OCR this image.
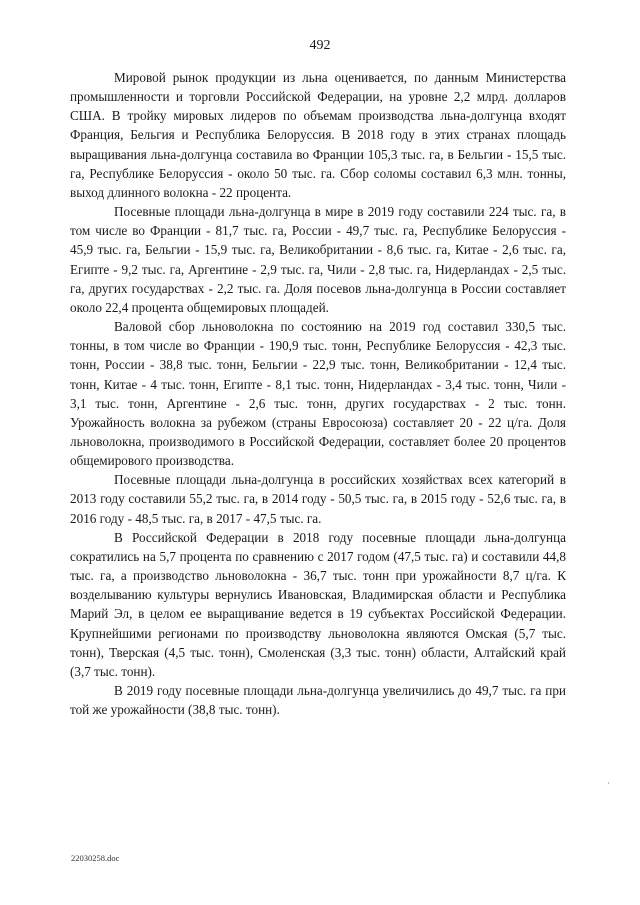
492

Мировой рынок продукции из льна оценивается, по данным Министерства промышленности и торговли Российской Федерации, на уровне 2,2 млрд. долларов США. В тройку мировых лидеров по объемам производства льна-долгунца входят Франция, Бельгия и Республика Белоруссия. В 2018 году в этих странах площадь выращивания льна-долгунца составила во Франции 105,3 тыс. га, в Бельгии - 15,5 тыс. га, Республике Белоруссия - около 50 тыс. га. Сбор соломы составил 6,3 млн. тонны, выход длинного волокна - 22 процента.

Посевные площади льна-долгунца в мире в 2019 году составили 224 тыс. га, в том числе во Франции - 81,7 тыс. га, России - 49,7 тыс. га, Республике Белоруссия - 45,9 тыс. га, Бельгии - 15,9 тыс. га, Великобритании - 8,6 тыс. га, Китае - 2,6 тыс. га, Египте - 9,2 тыс. га, Аргентине - 2,9 тыс. га, Чили - 2,8 тыс. га, Нидерландах - 2,5 тыс. га, других государствах - 2,2 тыс. га. Доля посевов льна-долгунца в России составляет около 22,4 процента общемировых площадей.

Валовой сбор льноволокна по состоянию на 2019 год составил 330,5 тыс. тонны, в том числе во Франции - 190,9 тыс. тонн, Республике Белоруссия - 42,3 тыс. тонн, России - 38,8 тыс. тонн, Бельгии - 22,9 тыс. тонн, Великобритании - 12,4 тыс. тонн, Китае - 4 тыс. тонн, Египте - 8,1 тыс. тонн, Нидерландах - 3,4 тыс. тонн, Чили - 3,1 тыс. тонн, Аргентине - 2,6 тыс. тонн, других государствах - 2 тыс. тонн. Урожайность волокна за рубежом (страны Евросоюза) составляет 20 - 22 ц/га. Доля льноволокна, производимого в Российской Федерации, составляет более 20 процентов общемирового производства.

Посевные площади льна-долгунца в российских хозяйствах всех категорий в 2013 году составили 55,2 тыс. га, в 2014 году - 50,5 тыс. га, в 2015 году - 52,6 тыс. га, в 2016 году - 48,5 тыс. га, в 2017 - 47,5 тыс. га.

В Российской Федерации в 2018 году посевные площади льна-долгунца сократились на 5,7 процента по сравнению с 2017 годом (47,5 тыс. га) и составили 44,8 тыс. га, а производство льноволокна - 36,7 тыс. тонн при урожайности 8,7 ц/га. К возделыванию культуры вернулись Ивановская, Владимирская области и Республика Марий Эл, в целом ее выращивание ведется в 19 субъектах Российской Федерации. Крупнейшими регионами по производству льноволокна являются Омская (5,7 тыс. тонн), Тверская (4,5 тыс. тонн), Смоленская (3,3 тыс. тонн) области, Алтайский край (3,7 тыс. тонн).

В 2019 году посевные площади льна-долгунца увеличились до 49,7 тыс. га при той же урожайности (38,8 тыс. тонн).

·
22030258.doc
